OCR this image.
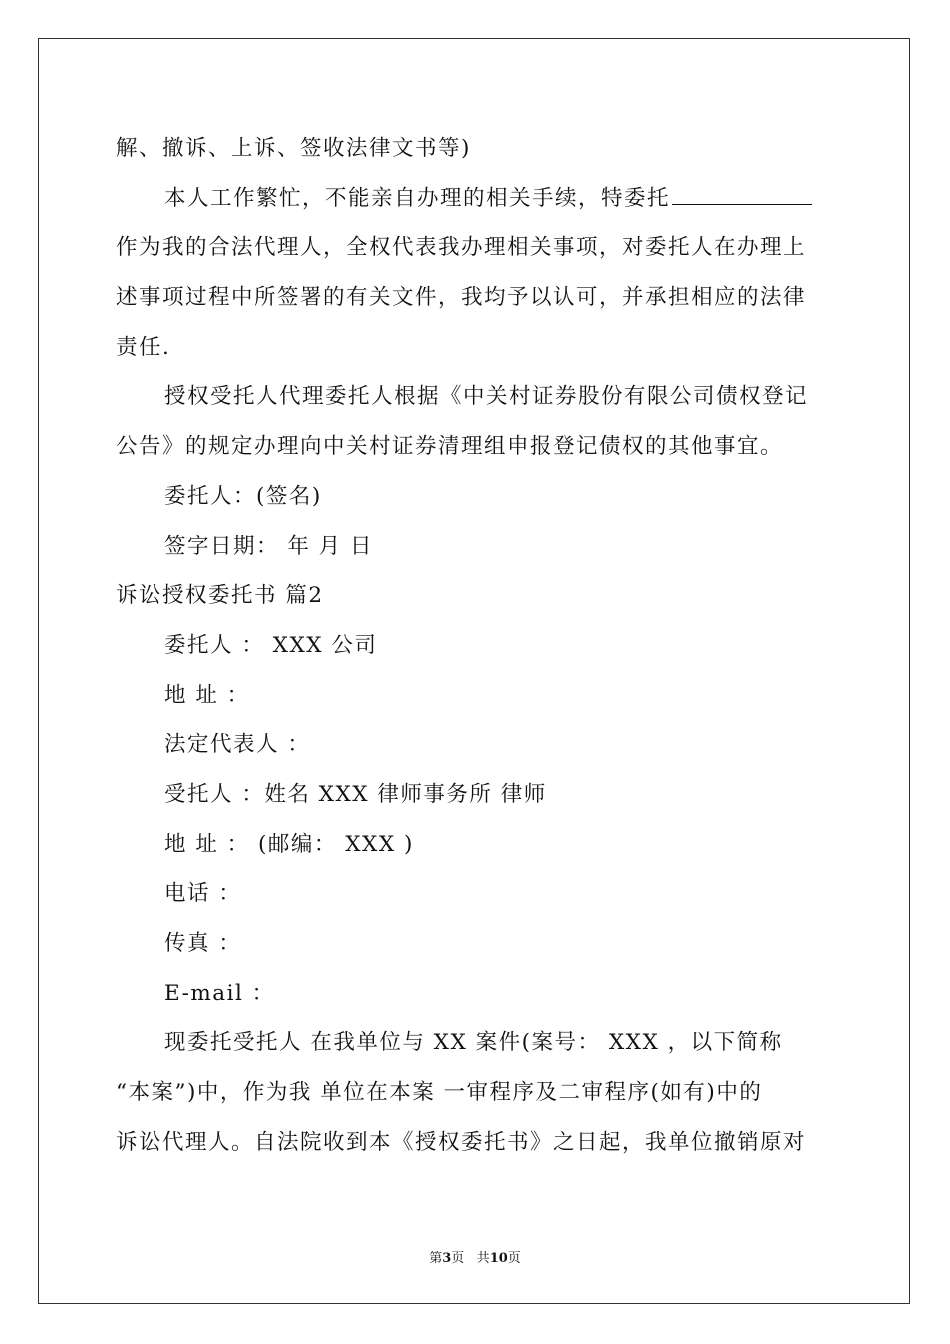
解、撤诉、上诉、签收法律文书等)
本人工作繁忙，不能亲自办理的相关手续，特委托
作为我的合法代理人，全权代表我办理相关事项，对委托人在办理上
述事项过程中所签署的有关文件，我均予以认可，并承担相应的法律
责任.
授权受托人代理委托人根据《中关村证券股份有限公司债权登记
公告》的规定办理向中关村证券清理组申报登记债权的其他事宜。
委托人：(签名)
签字日期： 年 月 日
诉讼授权委托书 篇2
委托人 ： XXX 公司
地 址 ：
法定代表人 ：
受托人 ：姓名 XXX 律师事务所 律师
地 址 ： (邮编： XXX )
电话 ：
传真 ：
E-mail ：
现委托受托人 在我单位与 XX 案件(案号： XXX ，以下简称
“本案”)中，作为我 单位在本案 一审程序及二审程序(如有)中的
诉讼代理人。自法院收到本《授权委托书》之日起，我单位撤销原对
第3页 共10页
